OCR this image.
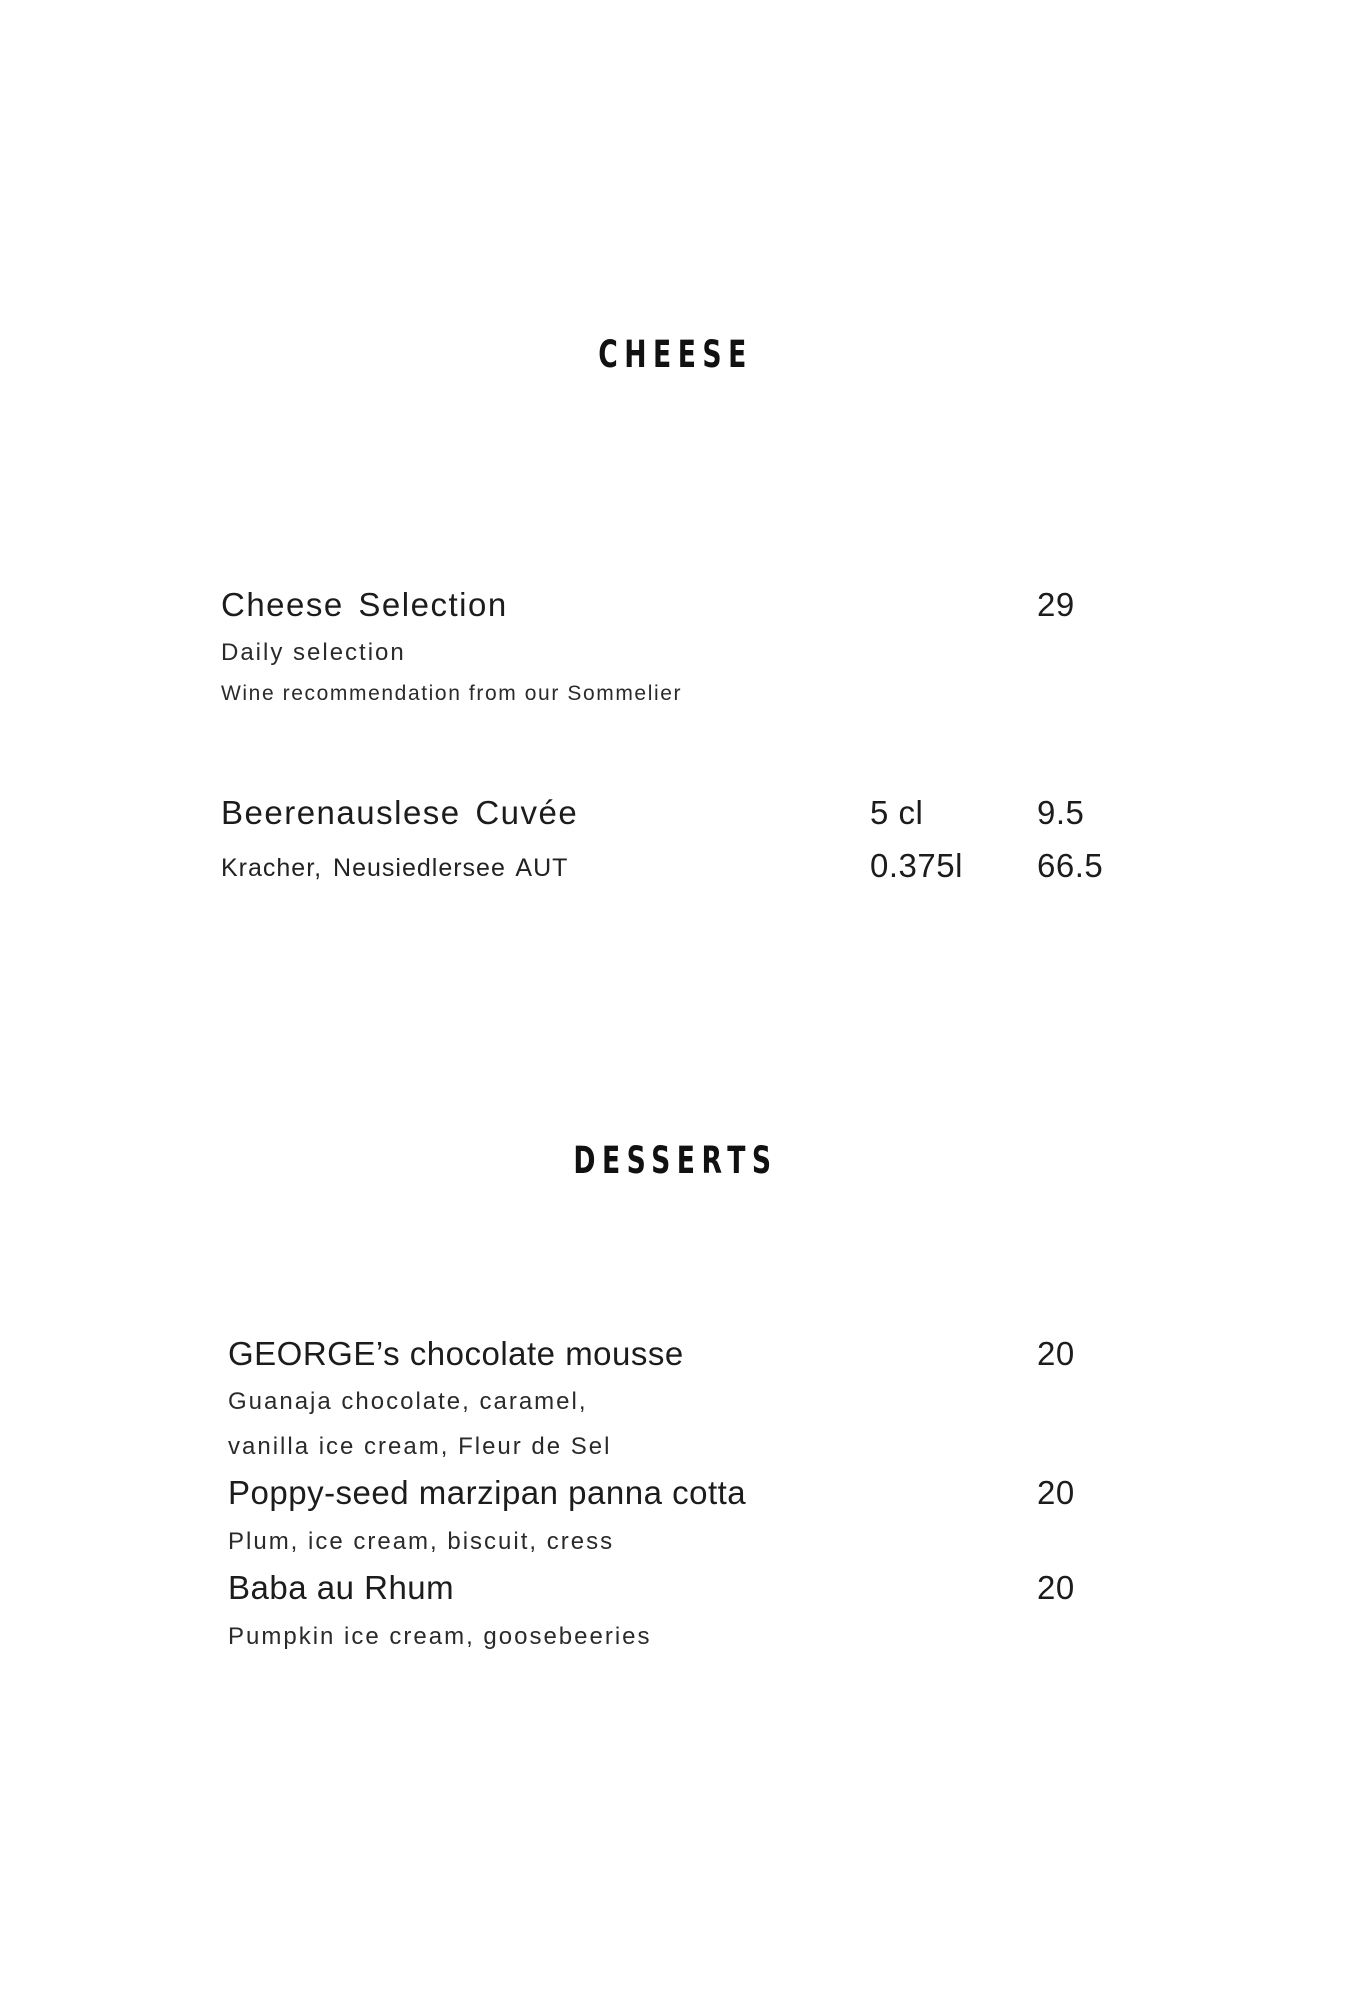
CHEESE
Cheese Selection	29
Daily selection
Wine recommendation from our Sommelier
Beerenauslese Cuvée	5 cl	9.5
Kracher, Neusiedlersee AUT	0.375l 66.5
DESSERTS
GEORGE’s chocolate mousse	20
Guanaja chocolate, caramel,
vanilla ice cream, Fleur de Sel
Poppy-seed marzipan panna cotta	20
Plum, ice cream, biscuit, cress
Baba au Rhum	20
Pumpkin ice cream, goosebeeries
